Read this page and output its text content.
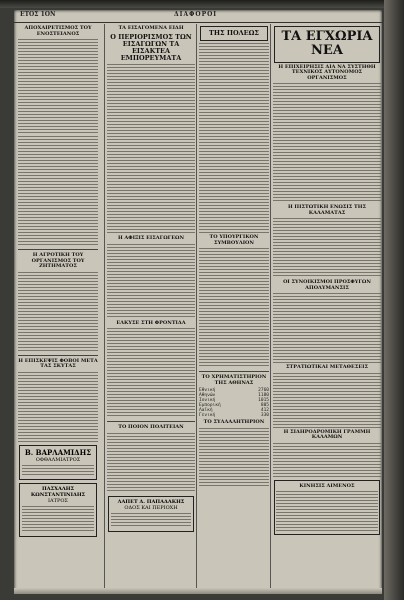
ΕΤΟΣ 1ΟΝ	ΔΙΑΦΟΡΟΙ
ΑΠΟΧΑΙΡΕΤΙΣΜΟΣ ΤΟΥ ΕΝΟΣΤΕΙΑΝΟΣ
Η ΑΓΡΟΤΙΚΗ ΤΟΥ ΟΡΓΑΝΙΣΜΟΣ ΤΟΥ ΖΗΤΗΜΑΤΟΣ
Η ΕΠΙΣΚΕΨΙΣ ΦΟΒΟΙ ΜΕΤΑ ΤΑΣ ΣΚΥΤΑΣ
Β. ΒΑΡΛΑΜΙΔΗΣ
ΟΦΘΑΛΜΙΑΤΡΟΣ
ΠΑΣΧΑΛΗΣ ΚΩΝΣΤΑΝΤΙΝΙΔΗΣ
ΙΑΤΡΟΣ
ΤΑ ΕΙΣΑΓΟΜΕΝΑ ΕΙΔΗ
Ο ΠΕΡΙΟΡΙΣΜΟΣ ΤΩΝ ΕΙΣΑΓΩΓΩΝ ΤΑ ΕΙΣΑΚΤΕΑ ΕΜΠΟΡΕΥΜΑΤΑ
Η ΑΦΙΞΙΣ ΕΙΣΑΓΩΓΕΩΝ
ΕΛΚΥΣΕ ΣΤΗ ΦΡΟΝΤΙΔΑ
ΤΟ ΠΟΙΟΝ ΠΟΛΙΤΕΙΑΝ
ΛΑΠΕΤ Δ. ΠΑΠΑΔΑΚΗΣ
ΟΔΟΣ ΚΑΙ ΠΕΡΙΟΧΗ
ΤΗΣ ΠΟΛΕΩΣ
ΤΟ ΥΠΟΥΡΓΙΚΟΝ ΣΥΜΒΟΥΛΙΟΝ
ΤΟ ΧΡΗΜΑΤΙΣΤΗΡΙΟΝ ΤΗΣ ΑΘΗΝΑΣ
Εθνική	2760
Αθηνών	1180
Ιονική	1015
Εμπορική	805
Λαϊκή	412
Γενική	330
ΤΟ ΣΥΛΛΑΛΗΤΗΡΙΟΝ
ΤΑ ΕΓΧΩΡΙΑ ΝΕΑ
Η ΕΠΙΧΕΙΡΗΣΙΣ ΔΙΑ ΝΑ ΣΥΣΤΗΘΗ ΤΕΧΝΙΚΟΣ ΑΥΤΟΝΟΜΟΣ ΟΡΓΑΝΙΣΜΟΣ
Η ΠΙΣΤΩΤΙΚΗ ΕΝΩΣΙΣ ΤΗΣ ΚΑΛΑΜΑΤΑΣ
ΟΙ ΣΥΝΟΙΚΙΣΜΟΙ ΠΡΟΣΦΥΓΩΝ ΑΠΟΛΥΜΑΝΣΙΣ
ΣΤΡΑΤΙΩΤΙΚΑΙ ΜΕΤΑΘΕΣΕΙΣ
Η ΣΙΔΗΡΟΔΡΟΜΙΚΗ ΓΡΑΜΜΗ ΚΑΛΑΜΩΝ
ΚΙΝΗΣΙΣ ΛΙΜΕΝΟΣ
